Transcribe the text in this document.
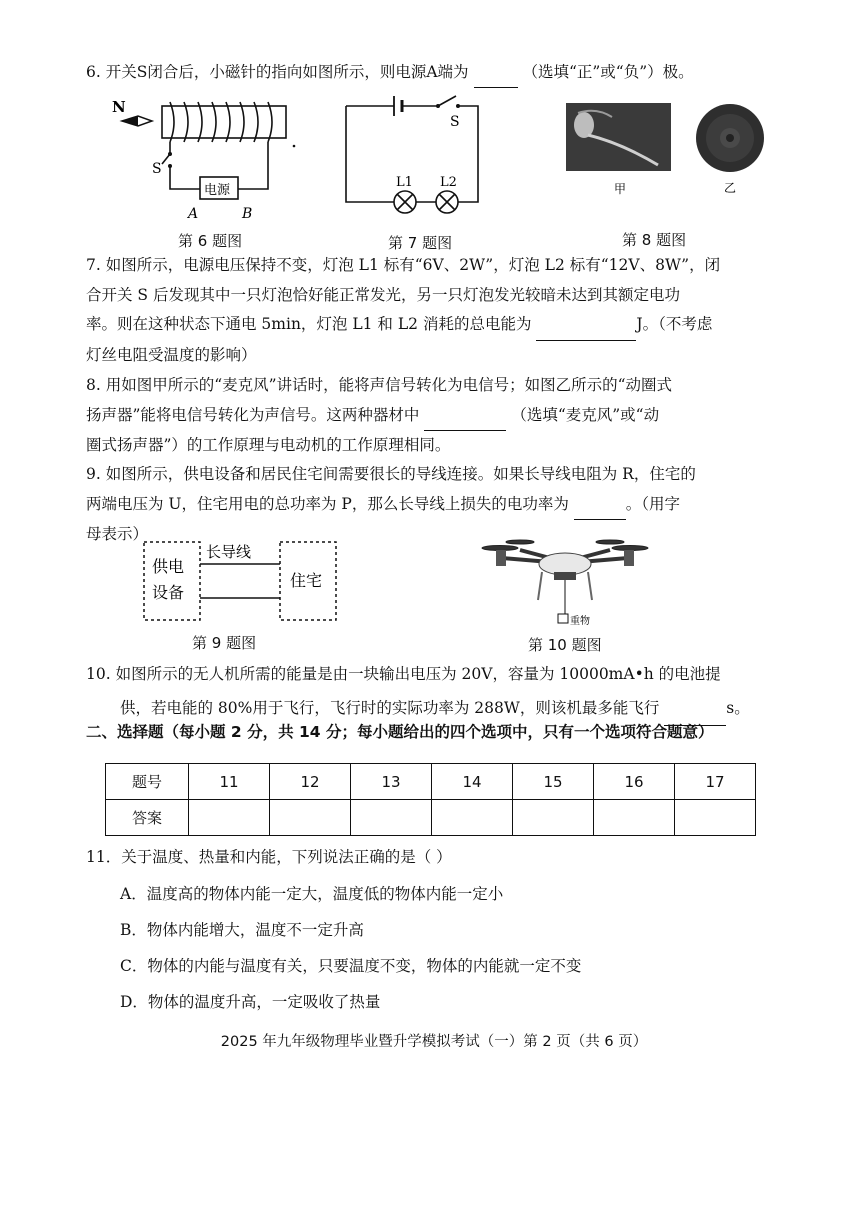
6. 开关S闭合后，小磁针的指向如图所示，则电源A端为	（选填“正”或“负”）极。
N
S
电源
A	B
第 6 题图
S
L1 L2
第 7 题图
甲	乙
第 8 题图
7. 如图所示，电源电压保持不变，灯泡 L1 标有“6V、2W”，灯泡 L2 标有“12V、8W”，闭
合开关 S 后发现其中一只灯泡恰好能正常发光，另一只灯泡发光较暗未达到其额定电功
率。则在这种状态下通电 5min，灯泡 L1 和 L2 消耗的总电能为	J。（不考虑
灯丝电阻受温度的影响）
8. 用如图甲所示的“麦克风”讲话时，能将声信号转化为电信号；如图乙所示的“动圈式
扬声器”能将电信号转化为声信号。这两种器材中	（选填“麦克风”或“动
圈式扬声器”）的工作原理与电动机的工作原理相同。
9. 如图所示，供电设备和居民住宅间需要很长的导线连接。如果长导线电阻为 R，住宅的
两端电压为 U，住宅用电的总功率为 P，那么长导线上损失的电功率为	。（用字
母表示）
供电
设备
长导线
住宅
第 9 题图
重物
第 10 题图
10. 如图所示的无人机所需的能量是由一块输出电压为 20V，容量为 10000mA•h 的电池提
供，若电能的 80%用于飞行，飞行时的实际功率为 288W，则该机最多能飞行	s。
二、选择题（每小题 2 分，共 14 分；每小题给出的四个选项中，只有一个选项符合题意）
题号	11	12	13	14	15	16	17
答案							
11．关于温度、热量和内能，下列说法正确的是（ ）
A．温度高的物体内能一定大，温度低的物体内能一定小
B．物体内能增大，温度不一定升高
C．物体的内能与温度有关，只要温度不变，物体的内能就一定不变
D．物体的温度升高，一定吸收了热量
2025 年九年级物理毕业暨升学模拟考试（一）第 2 页（共 6 页）
